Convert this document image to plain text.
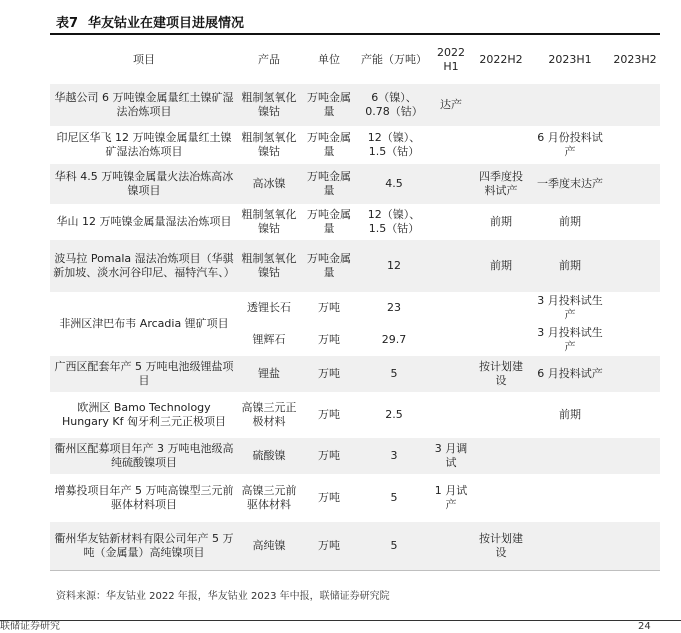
表7 华友钴业在建项目进展情况
项目	产品	单位	产能（万吨）	2022H1	2022H2	2023H1	2023H2
华越公司 6 万吨镍金属量红土镍矿湿法冶炼项目	粗制氢氧化镍钴	万吨金属量	6（镍）、0.78（钴）	达产			
印尼区华飞 12 万吨镍金属量红土镍矿湿法冶炼项目	粗制氢氧化镍钴	万吨金属量	12（镍）、1.5（钴）			6 月份投料试产	
华科 4.5 万吨镍金属量火法冶炼高冰镍项目	高冰镍	万吨金属量	4.5		四季度投料试产	一季度末达产	
华山 12 万吨镍金属量湿法冶炼项目	粗制氢氧化镍钴	万吨金属量	12（镍）、1.5（钴）		前期	前期	
波马拉 Pomala 湿法冶炼项目（华骐新加坡、淡水河谷印尼、福特汽车、）	粗制氢氧化镍钴	万吨金属量	12		前期	前期	
非洲区津巴布韦 Arcadia 锂矿项目	透锂长石	万吨	23			3 月投料试生产	
	锂辉石	万吨	29.7			3 月投料试生产	
广西区配套年产 5 万吨电池级锂盐项目	锂盐	万吨	5		按计划建设	6 月投料试产	
欧洲区 Bamo Technology Hungary Kf 匈牙利三元正极项目	高镍三元正极材料	万吨	2.5			前期	
衢州区配募项目年产 3 万吨电池级高纯硫酸镍项目	硫酸镍	万吨	3	3 月调试			
增募投项目年产 5 万吨高镍型三元前驱体材料项目	高镍三元前驱体材料	万吨	5	1 月试产			
衢州华友钴新材料有限公司年产 5 万吨（金属量）高纯镍项目	高纯镍	万吨	5		按计划建设		
资料来源：华友钴业 2022 年报，华友钴业 2023 年中报，联储证券研究院
联储证券研究	24
